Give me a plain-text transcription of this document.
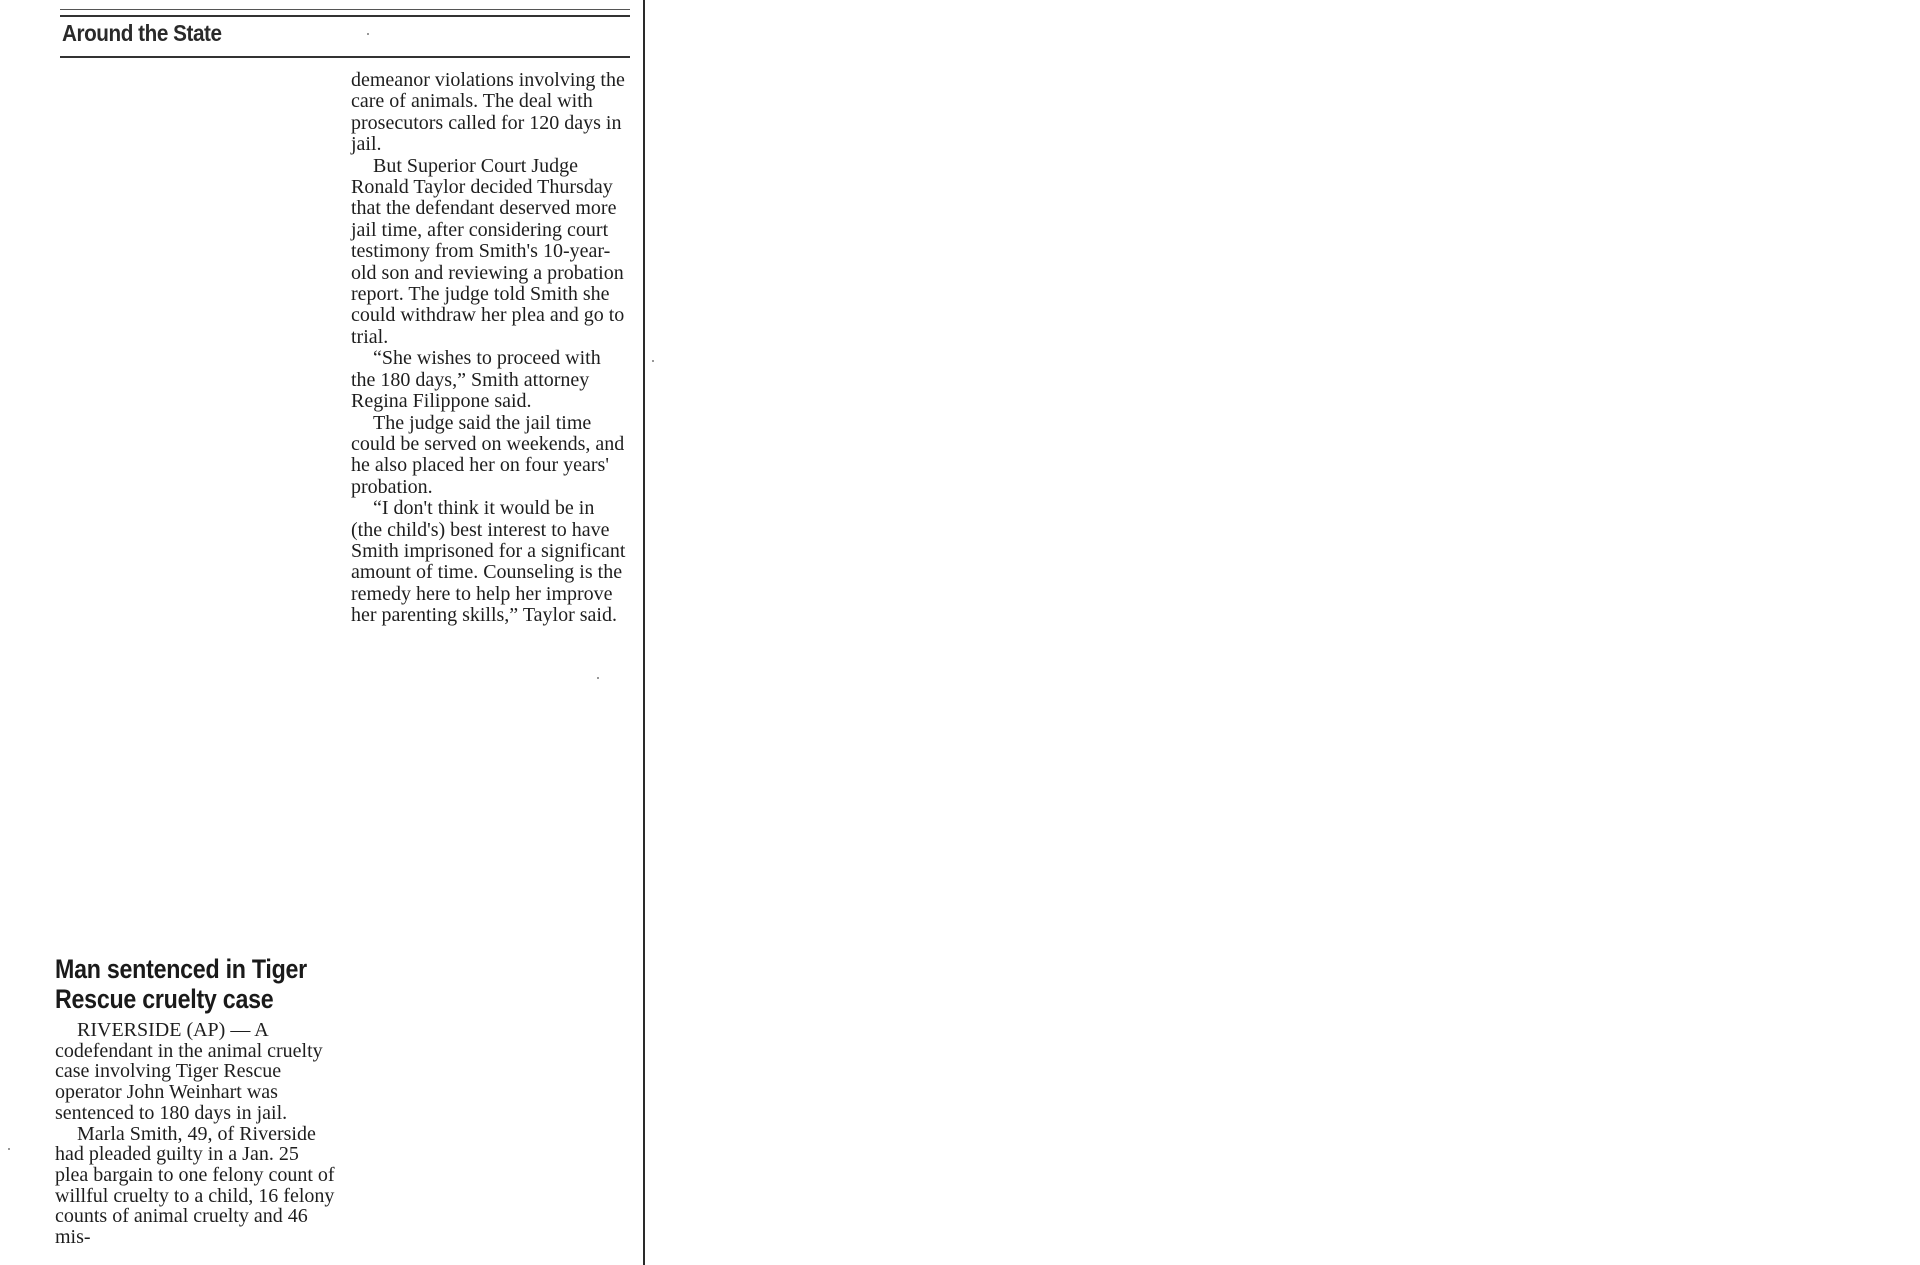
Around the State

demeanor violations involving the care of animals. The deal with prosecutors called for 120 days in jail.

But Superior Court Judge Ronald Taylor decided Thursday that the defendant deserved more jail time, after considering court testimony from Smith's 10-year-old son and reviewing a probation report. The judge told Smith she could withdraw her plea and go to trial.

“She wishes to proceed with the 180 days,” Smith attorney Regina Filippone said.

The judge said the jail time could be served on weekends, and he also placed her on four years' probation.

“I don't think it would be in (the child's) best interest to have Smith imprisoned for a significant amount of time. Counseling is the remedy here to help her improve her parenting skills,” Taylor said.

Man sentenced in Tiger Rescue cruelty case

RIVERSIDE (AP) — A codefendant in the animal cruelty case involving Tiger Rescue operator John Weinhart was sentenced to 180 days in jail.

Marla Smith, 49, of Riverside had pleaded guilty in a Jan. 25 plea bargain to one felony count of willful cruelty to a child, 16 felony counts of animal cruelty and 46 mis-
